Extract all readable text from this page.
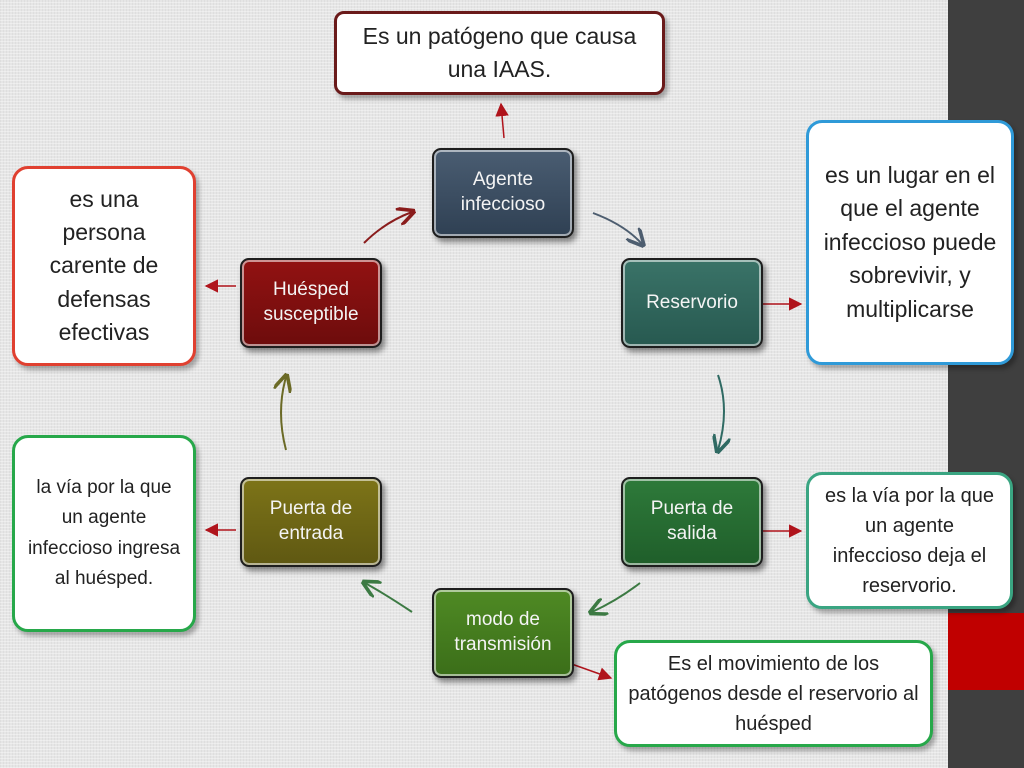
Agente infeccioso
Reservorio
Puerta de salida
modo de transmisión
Puerta de entrada
Huésped susceptible
Es un patógeno que causa una IAAS.
es un lugar en el que el agente infeccioso puede sobrevivir, y multiplicarse
es una persona carente de defensas efectivas
es la vía por la que un agente infeccioso deja el reservorio.
la vía por la que un agente infeccioso ingresa al huésped.
Es el movimiento de los patógenos desde el reservorio al huésped
